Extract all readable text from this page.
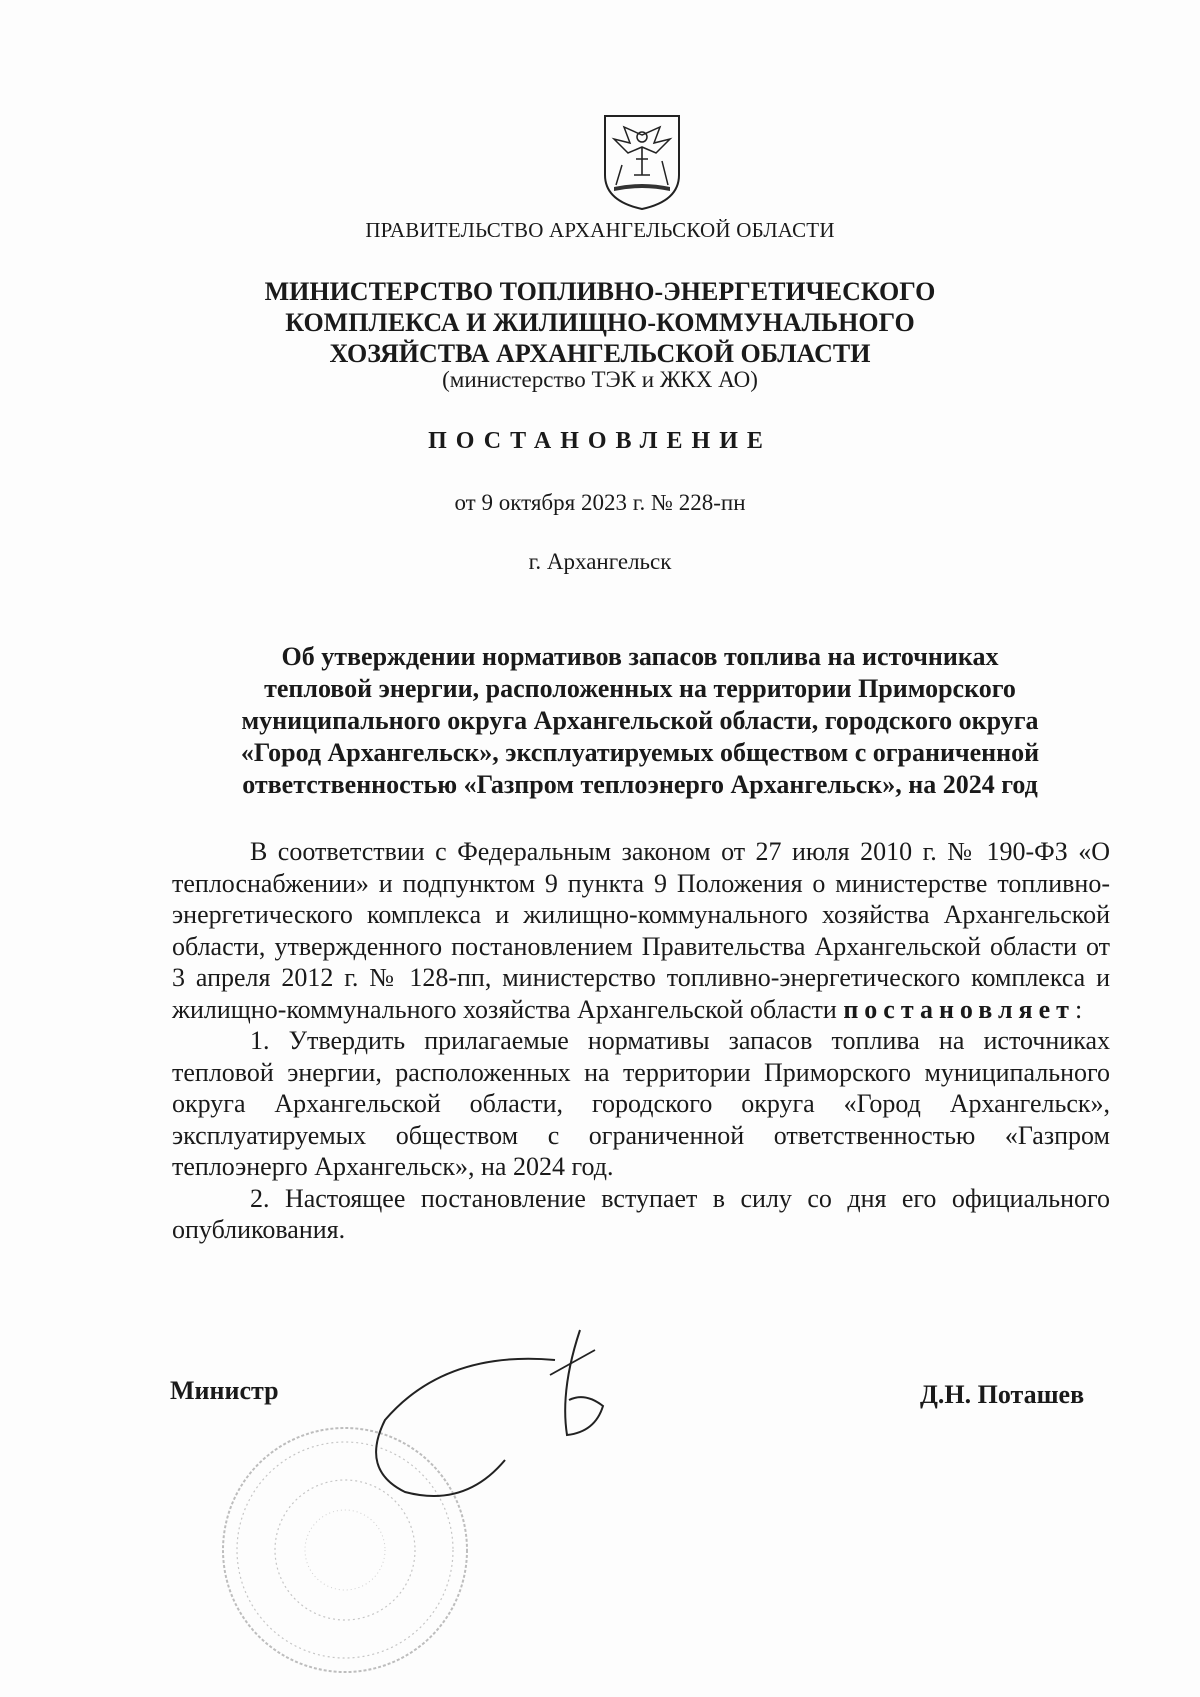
ПРАВИТЕЛЬСТВО АРХАНГЕЛЬСКОЙ ОБЛАСТИ
МИНИСТЕРСТВО ТОПЛИВНО-ЭНЕРГЕТИЧЕСКОГО
КОМПЛЕКСА И ЖИЛИЩНО-КОММУНАЛЬНОГО
ХОЗЯЙСТВА АРХАНГЕЛЬСКОЙ ОБЛАСТИ
(министерство ТЭК и ЖКХ АО)
ПОСТАНОВЛЕНИЕ
от 9 октября 2023 г. № 228-пн
г. Архангельск
Об утверждении нормативов запасов топлива на источниках
тепловой энергии, расположенных на территории Приморского
муниципального округа Архангельской области, городского округа
«Город Архангельск», эксплуатируемых обществом с ограниченной
ответственностью «Газпром теплоэнерго Архангельск», на 2024 год

В соответствии с Федеральным законом от 27 июля 2010 г. № 190-ФЗ «О теплоснабжении» и подпунктом 9 пункта 9 Положения о министерстве топливно-энергетического комплекса и жилищно-коммунального хозяйства Архангельской области, утвержденного постановлением Правительства Архангельской области от 3 апреля 2012 г. № 128-пп, министерство топливно-энергетического комплекса и жилищно-коммунального хозяйства Архангельской области постановляет:

1. Утвердить прилагаемые нормативы запасов топлива на источниках тепловой энергии, расположенных на территории Приморского муниципального округа Архангельской области, городского округа «Город Архангельск», эксплуатируемых обществом с ограниченной ответственностью «Газпром теплоэнерго Архангельск», на 2024 год.

2. Настоящее постановление вступает в силу со дня его официального опубликования.

Министр	Д.Н. Поташев
